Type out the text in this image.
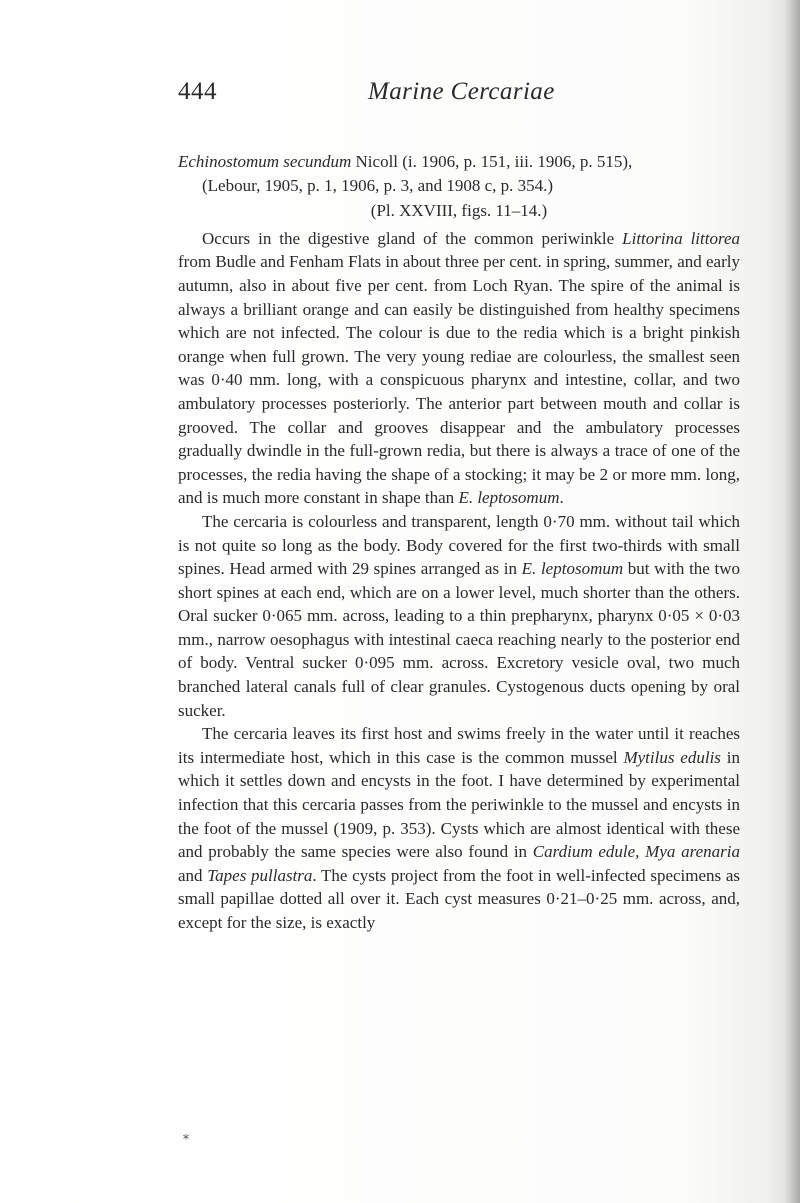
444	Marine Cercariae

Echinostomum secundum Nicoll (i. 1906, p. 151, iii. 1906, p. 515),

(Lebour, 1905, p. 1, 1906, p. 3, and 1908 c, p. 354.)

(Pl. XXVIII, figs. 11–14.)

Occurs in the digestive gland of the common periwinkle Littorina littorea from Budle and Fenham Flats in about three per cent. in spring, summer, and early autumn, also in about five per cent. from Loch Ryan. The spire of the animal is always a brilliant orange and can easily be distinguished from healthy specimens which are not infected. The colour is due to the redia which is a bright pinkish orange when full grown. The very young rediae are colourless, the smallest seen was 0·40 mm. long, with a conspicuous pharynx and intestine, collar, and two ambulatory processes posteriorly. The anterior part between mouth and collar is grooved. The collar and grooves disappear and the ambulatory processes gradually dwindle in the full-grown redia, but there is always a trace of one of the processes, the redia having the shape of a stocking; it may be 2 or more mm. long, and is much more constant in shape than E. leptosomum.

The cercaria is colourless and transparent, length 0·70 mm. without tail which is not quite so long as the body. Body covered for the first two-thirds with small spines. Head armed with 29 spines arranged as in E. leptosomum but with the two short spines at each end, which are on a lower level, much shorter than the others. Oral sucker 0·065 mm. across, leading to a thin prepharynx, pharynx 0·05 × 0·03 mm., narrow oesophagus with intestinal caeca reaching nearly to the posterior end of body. Ventral sucker 0·095 mm. across. Excretory vesicle oval, two much branched lateral canals full of clear granules. Cystogenous ducts opening by oral sucker.

The cercaria leaves its first host and swims freely in the water until it reaches its intermediate host, which in this case is the common mussel Mytilus edulis in which it settles down and encysts in the foot. I have determined by experimental infection that this cercaria passes from the periwinkle to the mussel and encysts in the foot of the mussel (1909, p. 353). Cysts which are almost identical with these and probably the same species were also found in Cardium edule, Mya arenaria and Tapes pullastra. The cysts project from the foot in well-infected specimens as small papillae dotted all over it. Each cyst measures 0·21–0·25 mm. across, and, except for the size, is exactly

⁎
